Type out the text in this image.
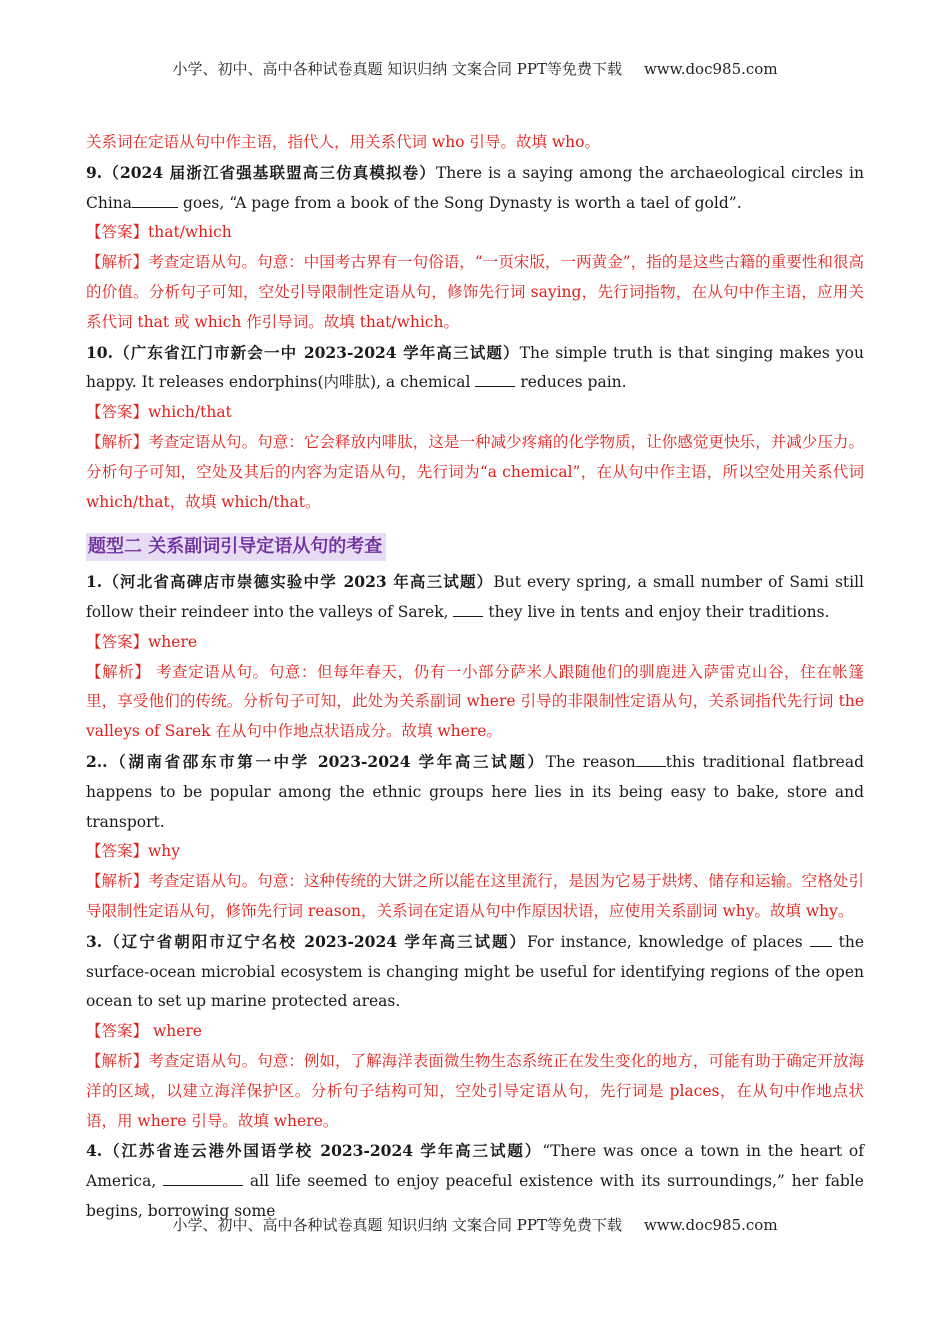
小学、初中、高中各种试卷真题 知识归纳 文案合同 PPT等免费下载 www.doc985.com

关系词在定语从句中作主语，指代人，用关系代词 who 引导。故填 who。

9.（2024 届浙江省强基联盟高三仿真模拟卷）There is a saying among the archaeological circles in China	goes, “A page from a book of the Song Dynasty is worth a tael of gold”.

【答案】that/which

【解析】考查定语从句。句意：中国考古界有一句俗语，“一页宋版，一两黄金”，指的是这些古籍的重要性和很高的价值。分析句子可知，空处引导限制性定语从句，修饰先行词 saying，先行词指物，在从句中作主语，应用关系代词 that 或 which 作引导词。故填 that/which。

10.（广东省江门市新会一中 2023-2024 学年高三试题）The simple truth is that singing makes you happy. It releases endorphins(内啡肽), a chemical	reduces pain.

【答案】which/that

【解析】考查定语从句。句意：它会释放内啡肽，这是一种减少疼痛的化学物质，让你感觉更快乐，并减少压力。分析句子可知，空处及其后的内容为定语从句，先行词为“a chemical”，在从句中作主语，所以空处用关系代词 which/that，故填 which/that。

题型二 关系副词引导定语从句的考查

1.（河北省高碑店市崇德实验中学 2023 年高三试题）But every spring, a small number of Sami still follow their reindeer into the valleys of Sarek,  they live in tents and enjoy their traditions.

【答案】where

【解析】 考查定语从句。句意：但每年春天，仍有一小部分萨米人跟随他们的驯鹿进入萨雷克山谷，住在帐篷里，享受他们的传统。分析句子可知，此处为关系副词 where 引导的非限制性定语从句，关系词指代先行词 the valleys of Sarek 在从句中作地点状语成分。故填 where。

2..（湖南省邵东市第一中学 2023-2024 学年高三试题）The reason this traditional flatbread happens to be popular among the ethnic groups here lies in its being easy to bake, store and transport.

【答案】why

【解析】考查定语从句。句意：这种传统的大饼之所以能在这里流行，是因为它易于烘烤、储存和运输。空格处引导限制性定语从句，修饰先行词 reason，关系词在定语从句中作原因状语，应使用关系副词 why。故填 why。

3.（辽宁省朝阳市辽宁名校 2023-2024 学年高三试题）For instance, knowledge of places  the surface-ocean microbial ecosystem is changing might be useful for identifying regions of the open ocean to set up marine protected areas.

【答案】 where

【解析】考查定语从句。句意：例如，了解海洋表面微生物生态系统正在发生变化的地方，可能有助于确定开放海洋的区域，以建立海洋保护区。分析句子结构可知，空处引导定语从句，先行词是 places，在从句中作地点状语，用 where 引导。故填 where。

4.（江苏省连云港外国语学校 2023-2024 学年高三试题）“There was once a town in the heart of America,	all life seemed to enjoy peaceful existence with its surroundings,” her fable begins, borrowing some

小学、初中、高中各种试卷真题 知识归纳 文案合同 PPT等免费下载 www.doc985.com
